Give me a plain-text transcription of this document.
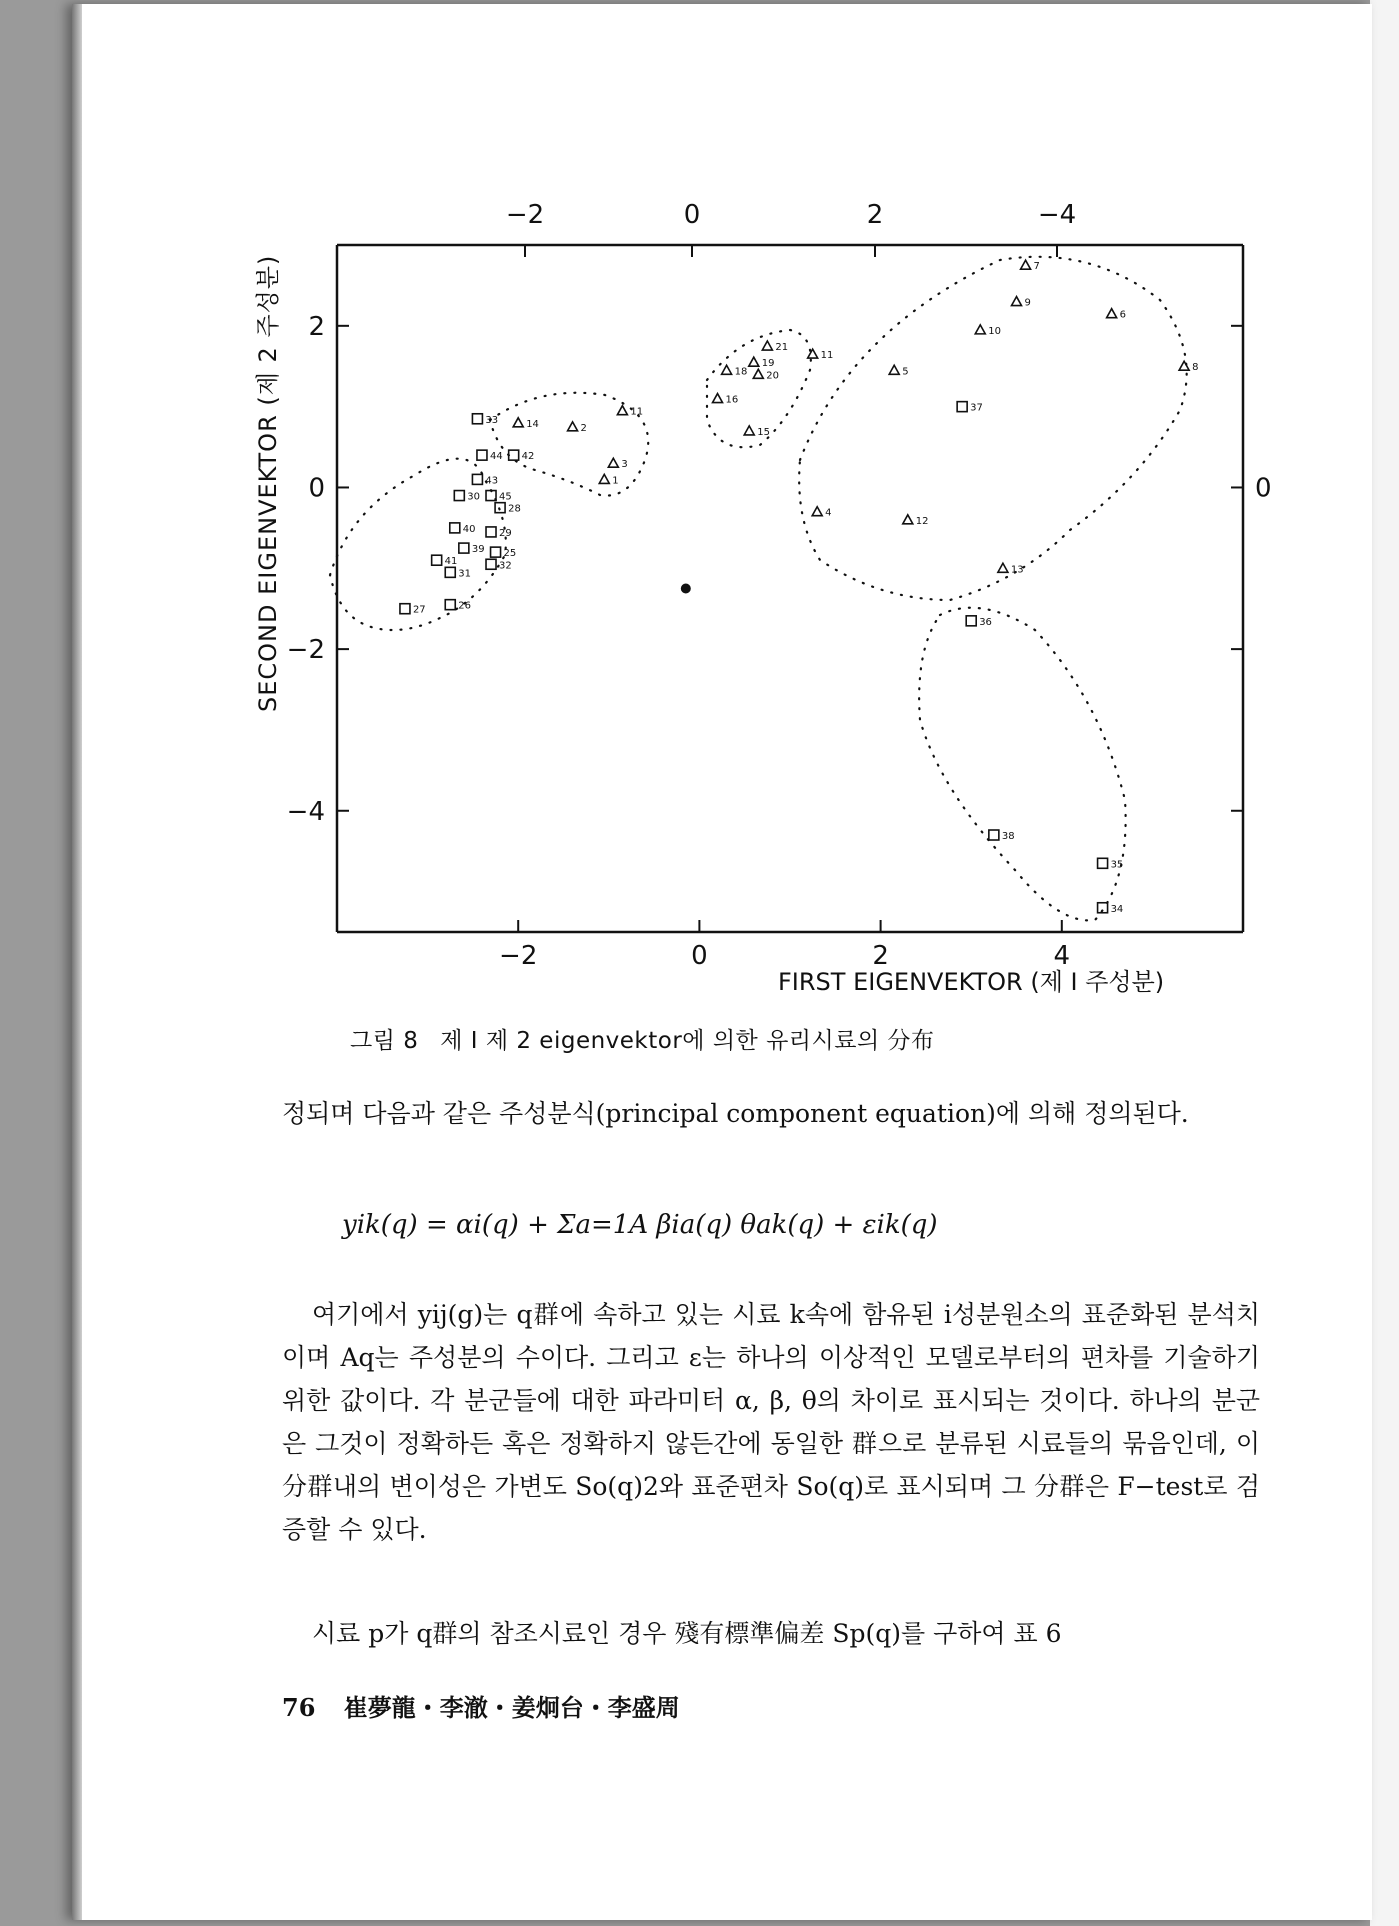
−2	0	2	4
2
0
−2
−4
−2	0	2	−4
0
7
9
6
10
8
5
37
21
11
19
18 20
16
15
11
2
14
3
1
4
12
13
33
44 42
43
30 45
28
40 29
39 25
32
41
31
27	26
36
38
35
34
SECOND EIGENVEKTOR (제 2 주성분)
FIRST EIGENVEKTOR (제 I 주성분)
그림 8 제 I 제 2 eigenvektor에 의한 유리시료의 分布
정되며 다음과 같은 주성분식(principal component equation)에 의해 정의된다.
yik(q) = αi(q) + Σa=1A βia(q) θak(q) + εik(q)
여기에서 yij(g)는 q群에 속하고 있는 시료 k속에 함유된 i성분원소의 표준화된 분석치이며 Aq는 주성분의 수이다. 그리고 ε는 하나의 이상적인 모델로부터의 편차를 기술하기 위한 값이다. 각 분군들에 대한 파라미터 α, β, θ의 차이로 표시되는 것이다. 하나의 분군은 그것이 정확하든 혹은 정확하지 않든간에 동일한 群으로 분류된 시료들의 묶음인데, 이 分群내의 변이성은 가변도 So(q)2와 표준편차 So(q)로 표시되며 그 分群은 F−test로 검증할 수 있다.
시료 p가 q群의 참조시료인 경우 殘有標準偏差 Sp(q)를 구하여 표 6
76 崔夢龍・李澈・姜炯台・李盛周
